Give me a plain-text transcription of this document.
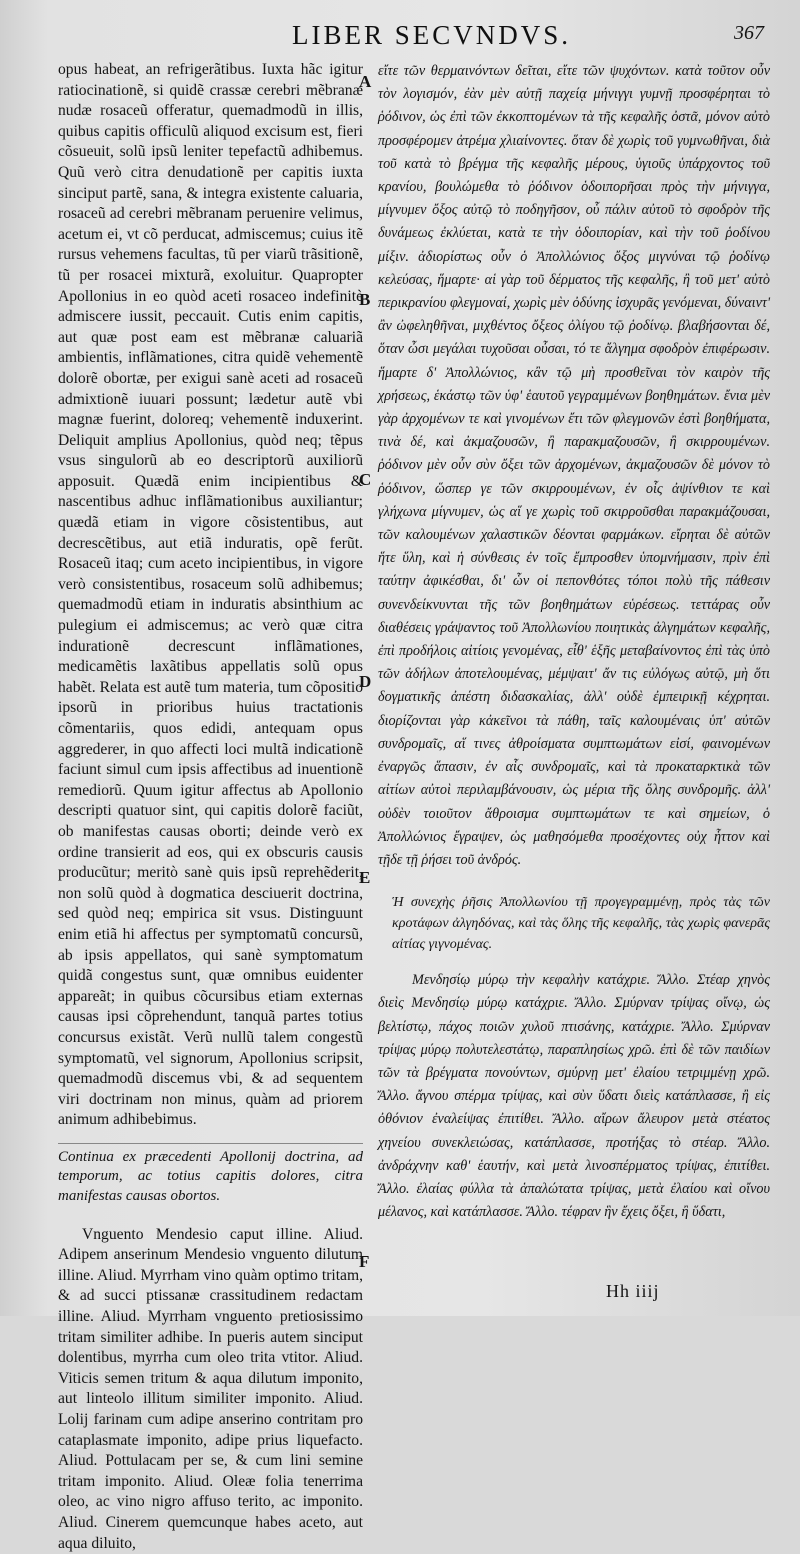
LIBER SECVNDVS.	367

opus habeat, an refrigerãtibus. Iuxta hãc igitur ratiocinationẽ, si quidẽ crassæ cerebri mẽbranæ nudæ rosaceũ offeratur, quemadmodũ in illis, quibus capitis officulũ aliquod excisum est, fieri cõsueuit, solũ ipsũ leniter tepefactũ adhibemus. Quũ verò citra denudationẽ per capitis iuxta sinciput partẽ, sana, & integra existente caluaria, rosaceũ ad cerebri mẽbranam peruenire velimus, acetum ei, vt cõ perducat, admiscemus; cuius itẽ rursus vehemens facultas, tũ per viarũ trãsitionẽ, tũ per rosacei mixturã, exoluitur. Quapropter Apollonius in eo quòd aceti rosaceo indefinitè admiscere iussit, peccauit. Cutis enim capitis, aut quæ post eam est mẽbranæ caluariã ambientis, inflãmationes, citra quidẽ vehementẽ dolorẽ obortæ, per exigui sanè aceti ad rosaceũ admixtionẽ iuuari possunt; lædetur autẽ vbi magnæ fuerint, doloreq; vehementẽ induxerint. Deliquit amplius Apollonius, quòd neq; tẽpus vsus singulorũ ab eo descriptorũ auxiliorũ apposuit. Quædã enim incipientibus & nascentibus adhuc inflãmationibus auxiliantur; quædã etiam in vigore cõsistentibus, aut decrescẽtibus, aut etiã induratis, opẽ ferũt. Rosaceũ itaq; cum aceto incipientibus, in vigore verò consistentibus, rosaceum solũ adhibemus; quemadmodũ etiam in induratis absinthium ac pulegium ei admiscemus; ac verò quæ citra indurationẽ decrescunt inflãmationes, medicamẽtis laxãtibus appellatis solũ opus habẽt. Relata est autẽ tum materia, tum cõpositio ipsorũ in prioribus huius tractationis cõmentariis, quos edidi, antequam opus aggrederer, in quo affecti loci multã indicationẽ faciunt simul cum ipsis affectibus ad inuentionẽ remediorũ. Quum igitur affectus ab Apollonio descripti quatuor sint, qui capitis dolorẽ faciũt, ob manifestas causas oborti; deinde verò ex ordine transierit ad eos, qui ex obscuris causis producũtur; meritò sanè quis ipsũ reprehẽderit, non solũ quòd à dogmatica desciuerit doctrina, sed quòd neq; empirica sit vsus. Distinguunt enim etiã hi affectus per symptomatũ concursũ, ab ipsis appellatos, qui sanè symptomatum quidã congestus sunt, quæ omnibus euidenter appareãt; in quibus cõcursibus etiam externas causas ipsi cõprehendunt, tanquã partes totius concursus existãt. Verũ nullũ talem congestũ symptomatũ, vel signorum, Apollonius scripsit, quemadmodũ discemus vbi, & ad sequentem viri doctrinam non minus, quàm ad priorem animum adhibebimus.

Continua ex præcedenti Apollonij doctrina, ad temporum, ac totius capitis dolores, citra manifestas causas obortos.

Vnguento Mendesio caput illine. Aliud. Adipem anserinum Mendesio vnguento dilutum illine. Aliud. Myrrham vino quàm optimo tritam, & ad succi ptissanæ crassitudinem redactam illine. Aliud. Myrrham vnguento pretiosissimo tritam similiter adhibe. In pueris autem sinciput dolentibus, myrrha cum oleo trita vtitor. Aliud. Viticis semen tritum & aqua dilutum imponito, aut linteolo illitum similiter imponito. Aliud. Lolij farinam cum adipe anserino contritam pro cataplasmate imponito, adipe prius liquefacto. Aliud. Pottulacam per se, & cum lini semine tritam imponito. Aliud. Oleæ folia tenerrima oleo, ac vino nigro affuso terito, ac imponito. Aliud. Cinerem quemcunque habes aceto, aut aqua diluito,

A
B
C
D
E
F

εἴτε τῶν θερμαινόντων δεῖται, εἴτε τῶν ψυχόντων. κατὰ τοῦτον οὖν τὸν λογισμόν, ἐὰν μὲν αὐτῇ παχείᾳ μήνιγγι γυμνῇ προσφέρηται τὸ ῥόδινον, ὡς ἐπὶ τῶν ἐκκοπτομένων τὰ τῆς κεφαλῆς ὀστᾶ, μόνον αὐτὸ προσφέρομεν ἀτρέμα χλιαίνοντες. ὅταν δὲ χωρὶς τοῦ γυμνωθῆναι, διὰ τοῦ κατὰ τὸ βρέγμα τῆς κεφαλῆς μέρους, ὑγιοῦς ὑπάρχοντος τοῦ κρανίου, βουλώμεθα τὸ ῥόδινον ὁδοιπορῆσαι πρὸς τὴν μήνιγγα, μίγνυμεν ὄξος αὐτῷ τὸ ποδηγῆσον, οὗ πάλιν αὐτοῦ τὸ σφοδρὸν τῆς δυνάμεως ἐκλύεται, κατὰ τε τὴν ὁδοιπορίαν, καὶ τὴν τοῦ ῥοδίνου μίξιν. ἀδιορίστως οὖν ὁ Ἀπολλώνιος ὄξος μιγνύναι τῷ ῥοδίνῳ κελεύσας, ἥμαρτε· αἱ γὰρ τοῦ δέρματος τῆς κεφαλῆς, ἢ τοῦ μετ' αὐτὸ περικρανίου φλεγμοναί, χωρὶς μὲν ὀδύνης ἰσχυρᾶς γενόμεναι, δύναιντ' ἂν ὠφεληθῆναι, μιχθέντος ὄξεος ὀλίγου τῷ ῥοδίνῳ. βλαβήσονται δέ, ὅταν ὦσι μεγάλαι τυχοῦσαι οὖσαι, τό τε ἄλγημα σφοδρὸν ἐπιφέρωσιν. ἥμαρτε δ' Ἀπολλώνιος, κἂν τῷ μὴ προσθεῖναι τὸν καιρὸν τῆς χρήσεως, ἑκάστῳ τῶν ὑφ' ἑαυτοῦ γεγραμμένων βοηθημάτων. ἔνια μὲν γὰρ ἀρχομένων τε καὶ γινομένων ἔτι τῶν φλεγμονῶν ἐστὶ βοηθήματα, τινὰ δέ, καὶ ἀκμαζουσῶν, ἢ παρακμαζουσῶν, ἢ σκιρρουμένων. ῥόδινον μὲν οὖν σὺν ὄξει τῶν ἀρχομένων, ἀκμαζουσῶν δὲ μόνον τὸ ῥόδινον, ὥσπερ γε τῶν σκιρρουμένων, ἐν οἷς ἀψίνθιον τε καὶ γλήχωνα μίγνυμεν, ὡς αἵ γε χωρὶς τοῦ σκιρροῦσθαι παρακμάζουσαι, τῶν καλουμένων χαλαστικῶν δέονται φαρμάκων. εἴρηται δὲ αὐτῶν ἥτε ὕλη, καὶ ἡ σύνθεσις ἐν τοῖς ἔμπροσθεν ὑπομνήμασιν, πρὶν ἐπὶ ταύτην ἀφικέσθαι, δι' ὧν οἱ πεπονθότες τόποι πολὺ τῆς πάθεσιν συνενδείκνυνται τῆς τῶν βοηθημάτων εὑρέσεως. τεττάρας οὖν διαθέσεις γράψαντος τοῦ Ἀπολλωνίου ποιητικὰς ἀλγημάτων κεφαλῆς, ἐπὶ προδήλοις αἰτίοις γενομένας, εἶθ' ἑξῆς μεταβαίνοντος ἐπὶ τὰς ὑπὸ τῶν ἀδήλων ἀποτελουμένας, μέμψαιτ' ἄν τις εὐλόγως αὐτῷ, μὴ ὅτι δογματικῆς ἀπέστη διδασκαλίας, ἀλλ' οὐδὲ ἐμπειρικῇ κέχρηται. διορίζονται γὰρ κἀκεῖνοι τὰ πάθη, ταῖς καλουμέναις ὑπ' αὐτῶν συνδρομαῖς, αἵ τινες ἀθροίσματα συμπτωμάτων εἰσί, φαινομένων ἐναργῶς ἅπασιν, ἐν αἷς συνδρομαῖς, καὶ τὰ προκαταρκτικὰ τῶν αἰτίων αὐτοὶ περιλαμβάνουσιν, ὡς μέρια τῆς ὅλης συνδρομῆς. ἀλλ' οὐδὲν τοιοῦτον ἄθροισμα συμπτωμάτων τε καὶ σημείων, ὁ Ἀπολλώνιος ἔγραψεν, ὡς μαθησόμεθα προσέχοντες οὐχ ἧττον καὶ τῇδε τῇ ῥήσει τοῦ ἀνδρός.

Ἡ συνεχὴς ῥῆσις Ἀπολλωνίου τῇ προγεγραμμένῃ, πρὸς τὰς τῶν κροτάφων ἀλγηδόνας, καὶ τὰς ὅλης τῆς κεφαλῆς, τὰς χωρὶς φανερᾶς αἰτίας γιγνομένας.

Μενδησίῳ μύρῳ τὴν κεφαλὴν κατάχριε. Ἄλλο. Στέαρ χηνὸς διεὶς Μενδησίῳ μύρῳ κατάχριε. Ἄλλο. Σμύρναν τρίψας οἴνῳ, ὡς βελτίστῳ, πάχος ποιῶν χυλοῦ πτισάνης, κατάχριε. Ἄλλο. Σμύρναν τρίψας μύρῳ πολυτελεστάτῳ, παραπλησίως χρῶ. ἐπὶ δὲ τῶν παιδίων τῶν τὰ βρέγματα πονούντων, σμύρνῃ μετ' ἐλαίου τετριμμένῃ χρῶ. Ἄλλο. ἄγνου σπέρμα τρίψας, καὶ σὺν ὕδατι διεὶς κατάπλασσε, ἢ εἰς ὀθόνιον ἐναλείψας ἐπιτίθει. Ἄλλο. αἴρων ἄλευρον μετὰ στέατος χηνείου συνεκλειώσας, κατάπλασσε, προτήξας τὸ στέαρ. Ἄλλο. ἀνδράχνην καθ' ἑαυτήν, καὶ μετὰ λινοσπέρματος τρίψας, ἐπιτίθει. Ἄλλο. ἐλαίας φύλλα τὰ ἁπαλώτατα τρίψας, μετὰ ἐλαίου καὶ οἴνου μέλανος, καὶ κατάπλασσε. Ἄλλο. τέφραν ἣν ἔχεις ὄξει, ἢ ὕδατι,

Hh iiij
